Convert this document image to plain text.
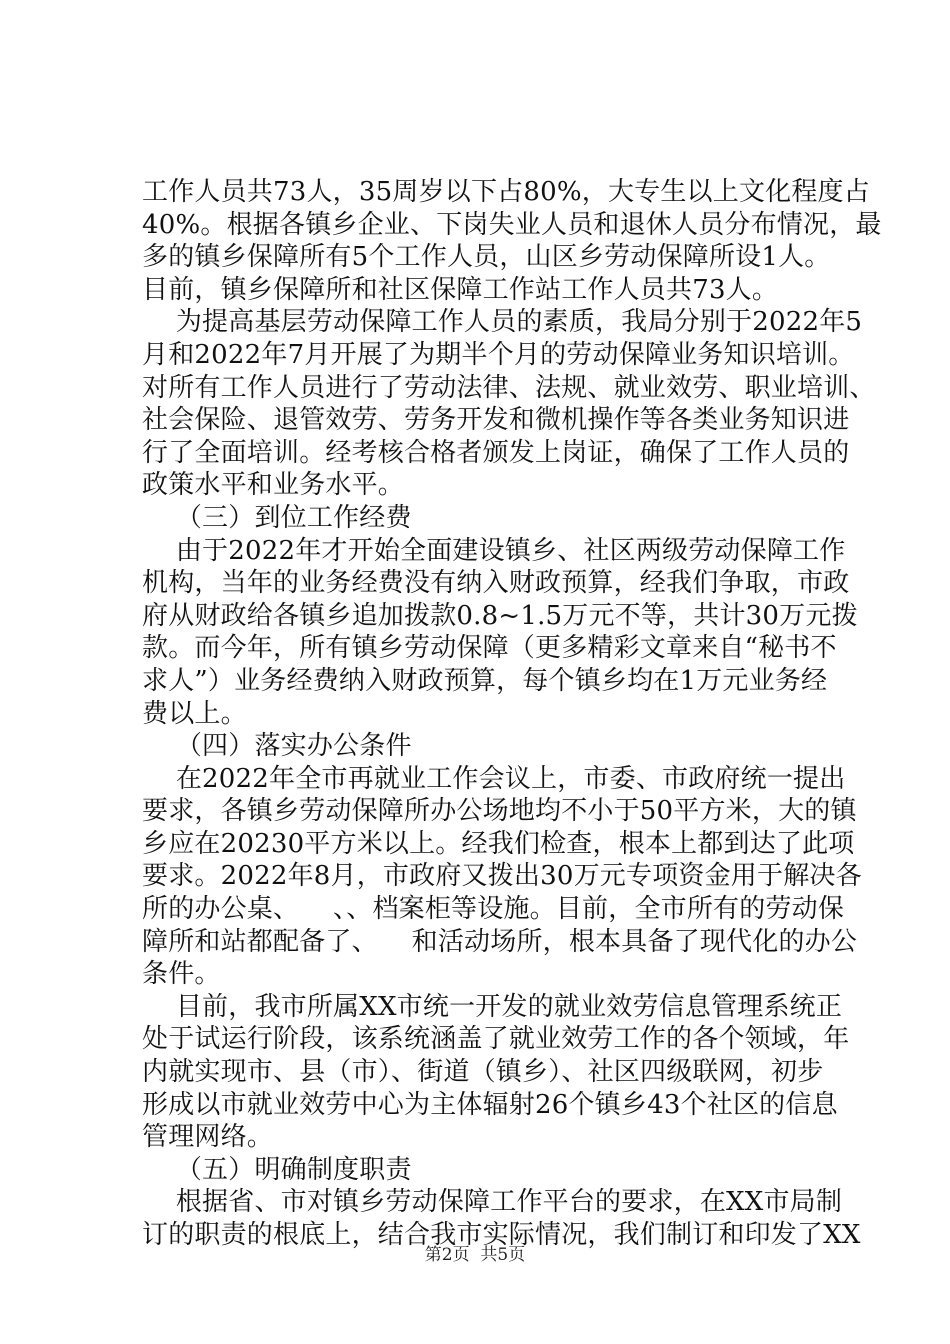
工作人员共73人，35周岁以下占80%，大专生以上文化程度占
40%。根据各镇乡企业、下岗失业人员和退休人员分布情况，最
多的镇乡保障所有5个工作人员，山区乡劳动保障所设1人。
目前，镇乡保障所和社区保障工作站工作人员共73人。
为提高基层劳动保障工作人员的素质，我局分别于2022年5
月和2022年7月开展了为期半个月的劳动保障业务知识培训。
对所有工作人员进行了劳动法律、法规、就业效劳、职业培训、
社会保险、退管效劳、劳务开发和微机操作等各类业务知识进
行了全面培训。经考核合格者颁发上岗证，确保了工作人员的
政策水平和业务水平。
（三）到位工作经费
由于2022年才开始全面建设镇乡、社区两级劳动保障工作
机构，当年的业务经费没有纳入财政预算，经我们争取，市政
府从财政给各镇乡追加拨款0.8~1.5万元不等，共计30万元拨
款。而今年，所有镇乡劳动保障（更多精彩文章来自“秘书不
求人”）业务经费纳入财政预算，每个镇乡均在1万元业务经
费以上。
（四）落实办公条件
在2022年全市再就业工作会议上，市委、市政府统一提出
要求，各镇乡劳动保障所办公场地均不小于50平方米，大的镇
乡应在20230平方米以上。经我们检查，根本上都到达了此项
要求。2022年8月，市政府又拨出30万元专项资金用于解决各
所的办公桌、    、、档案柜等设施。目前，全市所有的劳动保
障所和站都配备了、    和活动场所，根本具备了现代化的办公
条件。
目前，我市所属XX市统一开发的就业效劳信息管理系统正
处于试运行阶段，该系统涵盖了就业效劳工作的各个领域，年
内就实现市、县（市）、街道（镇乡）、社区四级联网，初步
形成以市就业效劳中心为主体辐射26个镇乡43个社区的信息
管理网络。
（五）明确制度职责
根据省、市对镇乡劳动保障工作平台的要求，在XX市局制
订的职责的根底上，结合我市实际情况，我们制订和印发了XX
第2页  共5页
